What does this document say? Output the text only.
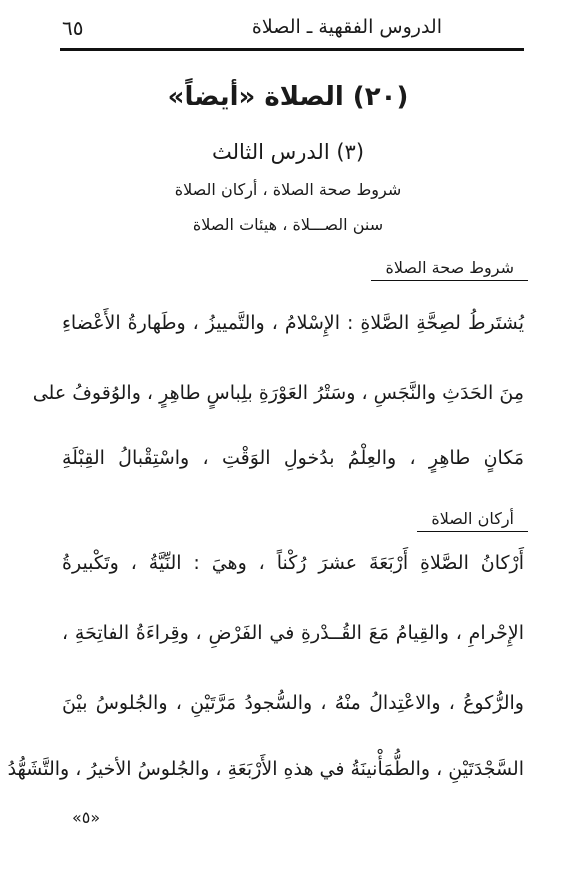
٦٥	الدروس الفقهية ـ الصلاة
(٢٠) الصلاة «أيضاً»
(٣) الدرس الثالث
شروط صحة الصلاة ، أركان الصلاة
سنن الصـــلاة ، هيئات الصلاة
شروط صحة الصلاة
يُشتَرطُ لصِحَّةِ الصَّلاةِ : الإِسْلامُ ، والتَّمييزُ ، وطَهارةُ الأَعْضاءِ
مِنَ الحَدَثِ والنَّجَسِ ، وسَتْرُ العَوْرَةِ بلِباسٍ طاهِرٍ ، والوُقوفُ على
مَكانٍ طاهِرٍ ، والعِلْمُ بدُخولِ الوَقْتِ ، واسْتِقْبالُ القِبْلَةِ
أركان الصلاة
أَرْكانُ الصَّلاةِ أَرْبَعَةَ عشرَ رُكْناً ، وهيَ : النِّيَّةُ ، وتَكْبيرةُ
الإِحْرامِ ، والقِيامُ مَعَ القُــدْرةِ في الفَرْضِ ، وقِراءَةُ الفاتِحَةِ ،
والرُّكوعُ ، والاعْتِدالُ منْهُ ، والسُّجودُ مَرَّتَيْنِ ، والجُلوسُ بيْنَ
السَّجْدَتَيْنِ ، والطُّمَأْنينَةُ في هذهِ الأَرْبَعَةِ ، والجُلوسُ الأخيرُ ، والتَّشَهُّدُ
«٥»
